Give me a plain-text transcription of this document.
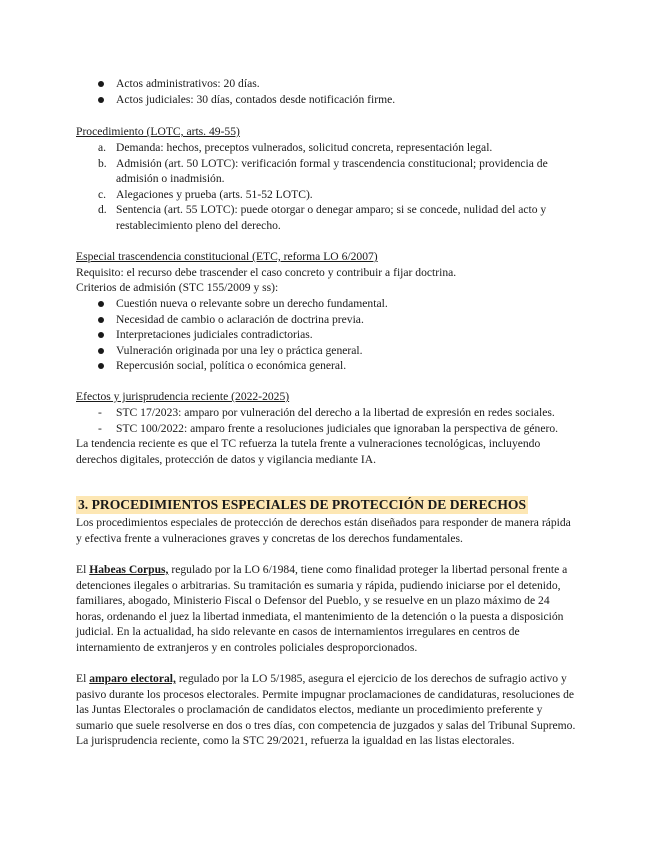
Actos administrativos: 20 días.
Actos judiciales: 30 días, contados desde notificación firme.

Procedimiento (LOTC, arts. 49-55)

a. Demanda: hechos, preceptos vulnerados, solicitud concreta, representación legal.
b. Admisión (art. 50 LOTC): verificación formal y trascendencia constitucional; providencia de admisión o inadmisión.
c. Alegaciones y prueba (arts. 51-52 LOTC).
d. Sentencia (art. 55 LOTC): puede otorgar o denegar amparo; si se concede, nulidad del acto y restablecimiento pleno del derecho.

Especial trascendencia constitucional (ETC, reforma LO 6/2007)

Requisito: el recurso debe trascender el caso concreto y contribuir a fijar doctrina.

Criterios de admisión (STC 155/2009 y ss):

Cuestión nueva o relevante sobre un derecho fundamental.
Necesidad de cambio o aclaración de doctrina previa.
Interpretaciones judiciales contradictorias.
Vulneración originada por una ley o práctica general.
Repercusión social, política o económica general.

Efectos y jurisprudencia reciente (2022-2025)

- STC 17/2023: amparo por vulneración del derecho a la libertad de expresión en redes sociales.
- STC 100/2022: amparo frente a resoluciones judiciales que ignoraban la perspectiva de género.

La tendencia reciente es que el TC refuerza la tutela frente a vulneraciones tecnológicas, incluyendo derechos digitales, protección de datos y vigilancia mediante IA.

3. PROCEDIMIENTOS ESPECIALES DE PROTECCIÓN DE DERECHOS

Los procedimientos especiales de protección de derechos están diseñados para responder de manera rápida y efectiva frente a vulneraciones graves y concretas de los derechos fundamentales.

El Habeas Corpus, regulado por la LO 6/1984, tiene como finalidad proteger la libertad personal frente a detenciones ilegales o arbitrarias. Su tramitación es sumaria y rápida, pudiendo iniciarse por el detenido, familiares, abogado, Ministerio Fiscal o Defensor del Pueblo, y se resuelve en un plazo máximo de 24 horas, ordenando el juez la libertad inmediata, el mantenimiento de la detención o la puesta a disposición judicial. En la actualidad, ha sido relevante en casos de internamientos irregulares en centros de internamiento de extranjeros y en controles policiales desproporcionados.

El amparo electoral, regulado por la LO 5/1985, asegura el ejercicio de los derechos de sufragio activo y pasivo durante los procesos electorales. Permite impugnar proclamaciones de candidaturas, resoluciones de las Juntas Electorales o proclamación de candidatos electos, mediante un procedimiento preferente y sumario que suele resolverse en dos o tres días, con competencia de juzgados y salas del Tribunal Supremo. La jurisprudencia reciente, como la STC 29/2021, refuerza la igualdad en las listas electorales.
